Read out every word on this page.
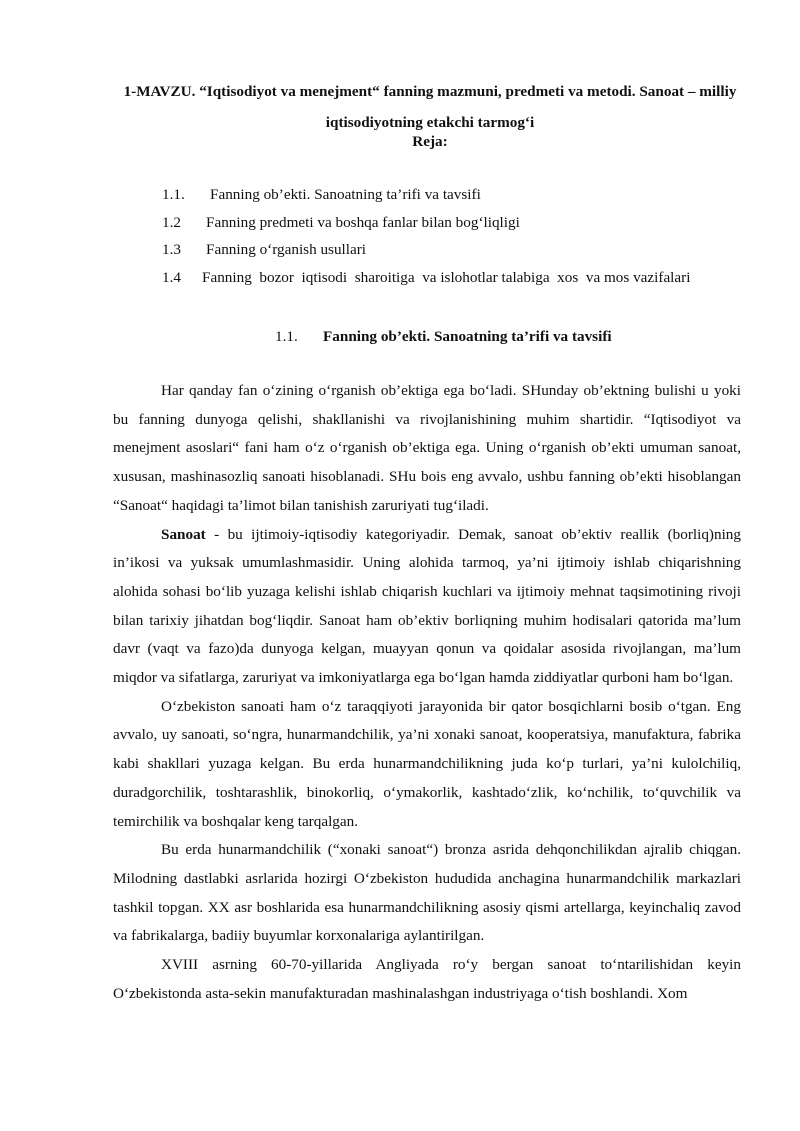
1-MAVZU. “Iqtisodiyot va menejment“ fanning mazmuni, predmeti va metodi. Sanoat – milliy iqtisodiyotning etakchi tarmog‘i
Reja:
1.1. Fanning ob’ekti. Sanoatning ta’rifi va tavsifi
1.2 Fanning predmeti va boshqa fanlar bilan bog‘liqligi
1.3 Fanning o‘rganish usullari
1.4 Fanning  bozor  iqtisodi  sharoitiga  va islohotlar talabiga  xos  va mos vazifalari
1.1. Fanning ob’ekti. Sanoatning ta’rifi va tavsifi

Har qanday fan o‘zining o‘rganish ob’ektiga ega bo‘ladi. SHunday ob’ektning bulishi u yoki bu fanning dunyoga qelishi, shakllanishi va rivojlanishining muhim shartidir. “Iqtisodiyot va menejment asoslari“ fani ham o‘z o‘rganish ob’ektiga ega. Uning o‘rganish ob’ekti umuman sanoat, xususan, mashinasozliq sanoati hisoblanadi. SHu bois eng avvalo, ushbu fanning ob’ekti hisoblangan “Sanoat“ haqidagi ta’limot bilan tanishish zaruriyati tug‘iladi.

Sanoat - bu ijtimoiy-iqtisodiy kategoriyadir. Demak, sanoat ob’ektiv reallik (borliq)ning in’ikosi va yuksak umumlashmasidir. Uning alohida tarmoq, ya’ni ijtimoiy ishlab chiqarishning alohida sohasi bo‘lib yuzaga kelishi ishlab chiqarish kuchlari va ijtimoiy mehnat taqsimotining rivoji bilan tarixiy jihatdan bog‘liqdir. Sanoat ham ob’ektiv borliqning muhim hodisalari qatorida ma’lum davr (vaqt va fazo)da dunyoga kelgan, muayyan qonun va qoidalar asosida rivojlangan, ma’lum miqdor va sifatlarga, zaruriyat va imkoniyatlarga ega bo‘lgan hamda ziddiyatlar qurboni ham bo‘lgan.

O‘zbekiston sanoati ham o‘z taraqqiyoti jarayonida bir qator bosqichlarni bosib o‘tgan. Eng avvalo, uy sanoati, so‘ngra, hunarmandchilik, ya’ni xonaki sanoat, kooperatsiya, manufaktura, fabrika kabi shakllari yuzaga kelgan. Bu erda hunarmandchilikning juda ko‘p turlari, ya’ni kulolchiliq, duradgorchilik, toshtarashlik, binokorliq, o‘ymakorlik, kashtado‘zlik, ko‘nchilik, to‘quvchilik va temirchilik va boshqalar keng tarqalgan.

Bu erda hunarmandchilik (“xonaki sanoat“) bronza asrida dehqonchilikdan ajralib chiqgan. Milodning dastlabki asrlarida hozirgi O‘zbekiston hududida anchagina hunarmandchilik markazlari tashkil topgan. XX asr boshlarida esa hunarmandchilikning asosiy qismi artellarga, keyinchaliq zavod va fabrikalarga, badiiy buyumlar korxonalariga aylantirilgan.

XVIII asrning 60-70-yillarida Angliyada ro‘y bergan sanoat to‘ntarilishidan keyin O‘zbekistonda asta-sekin manufakturadan mashinalashgan industriyaga o‘tish boshlandi. Xom
